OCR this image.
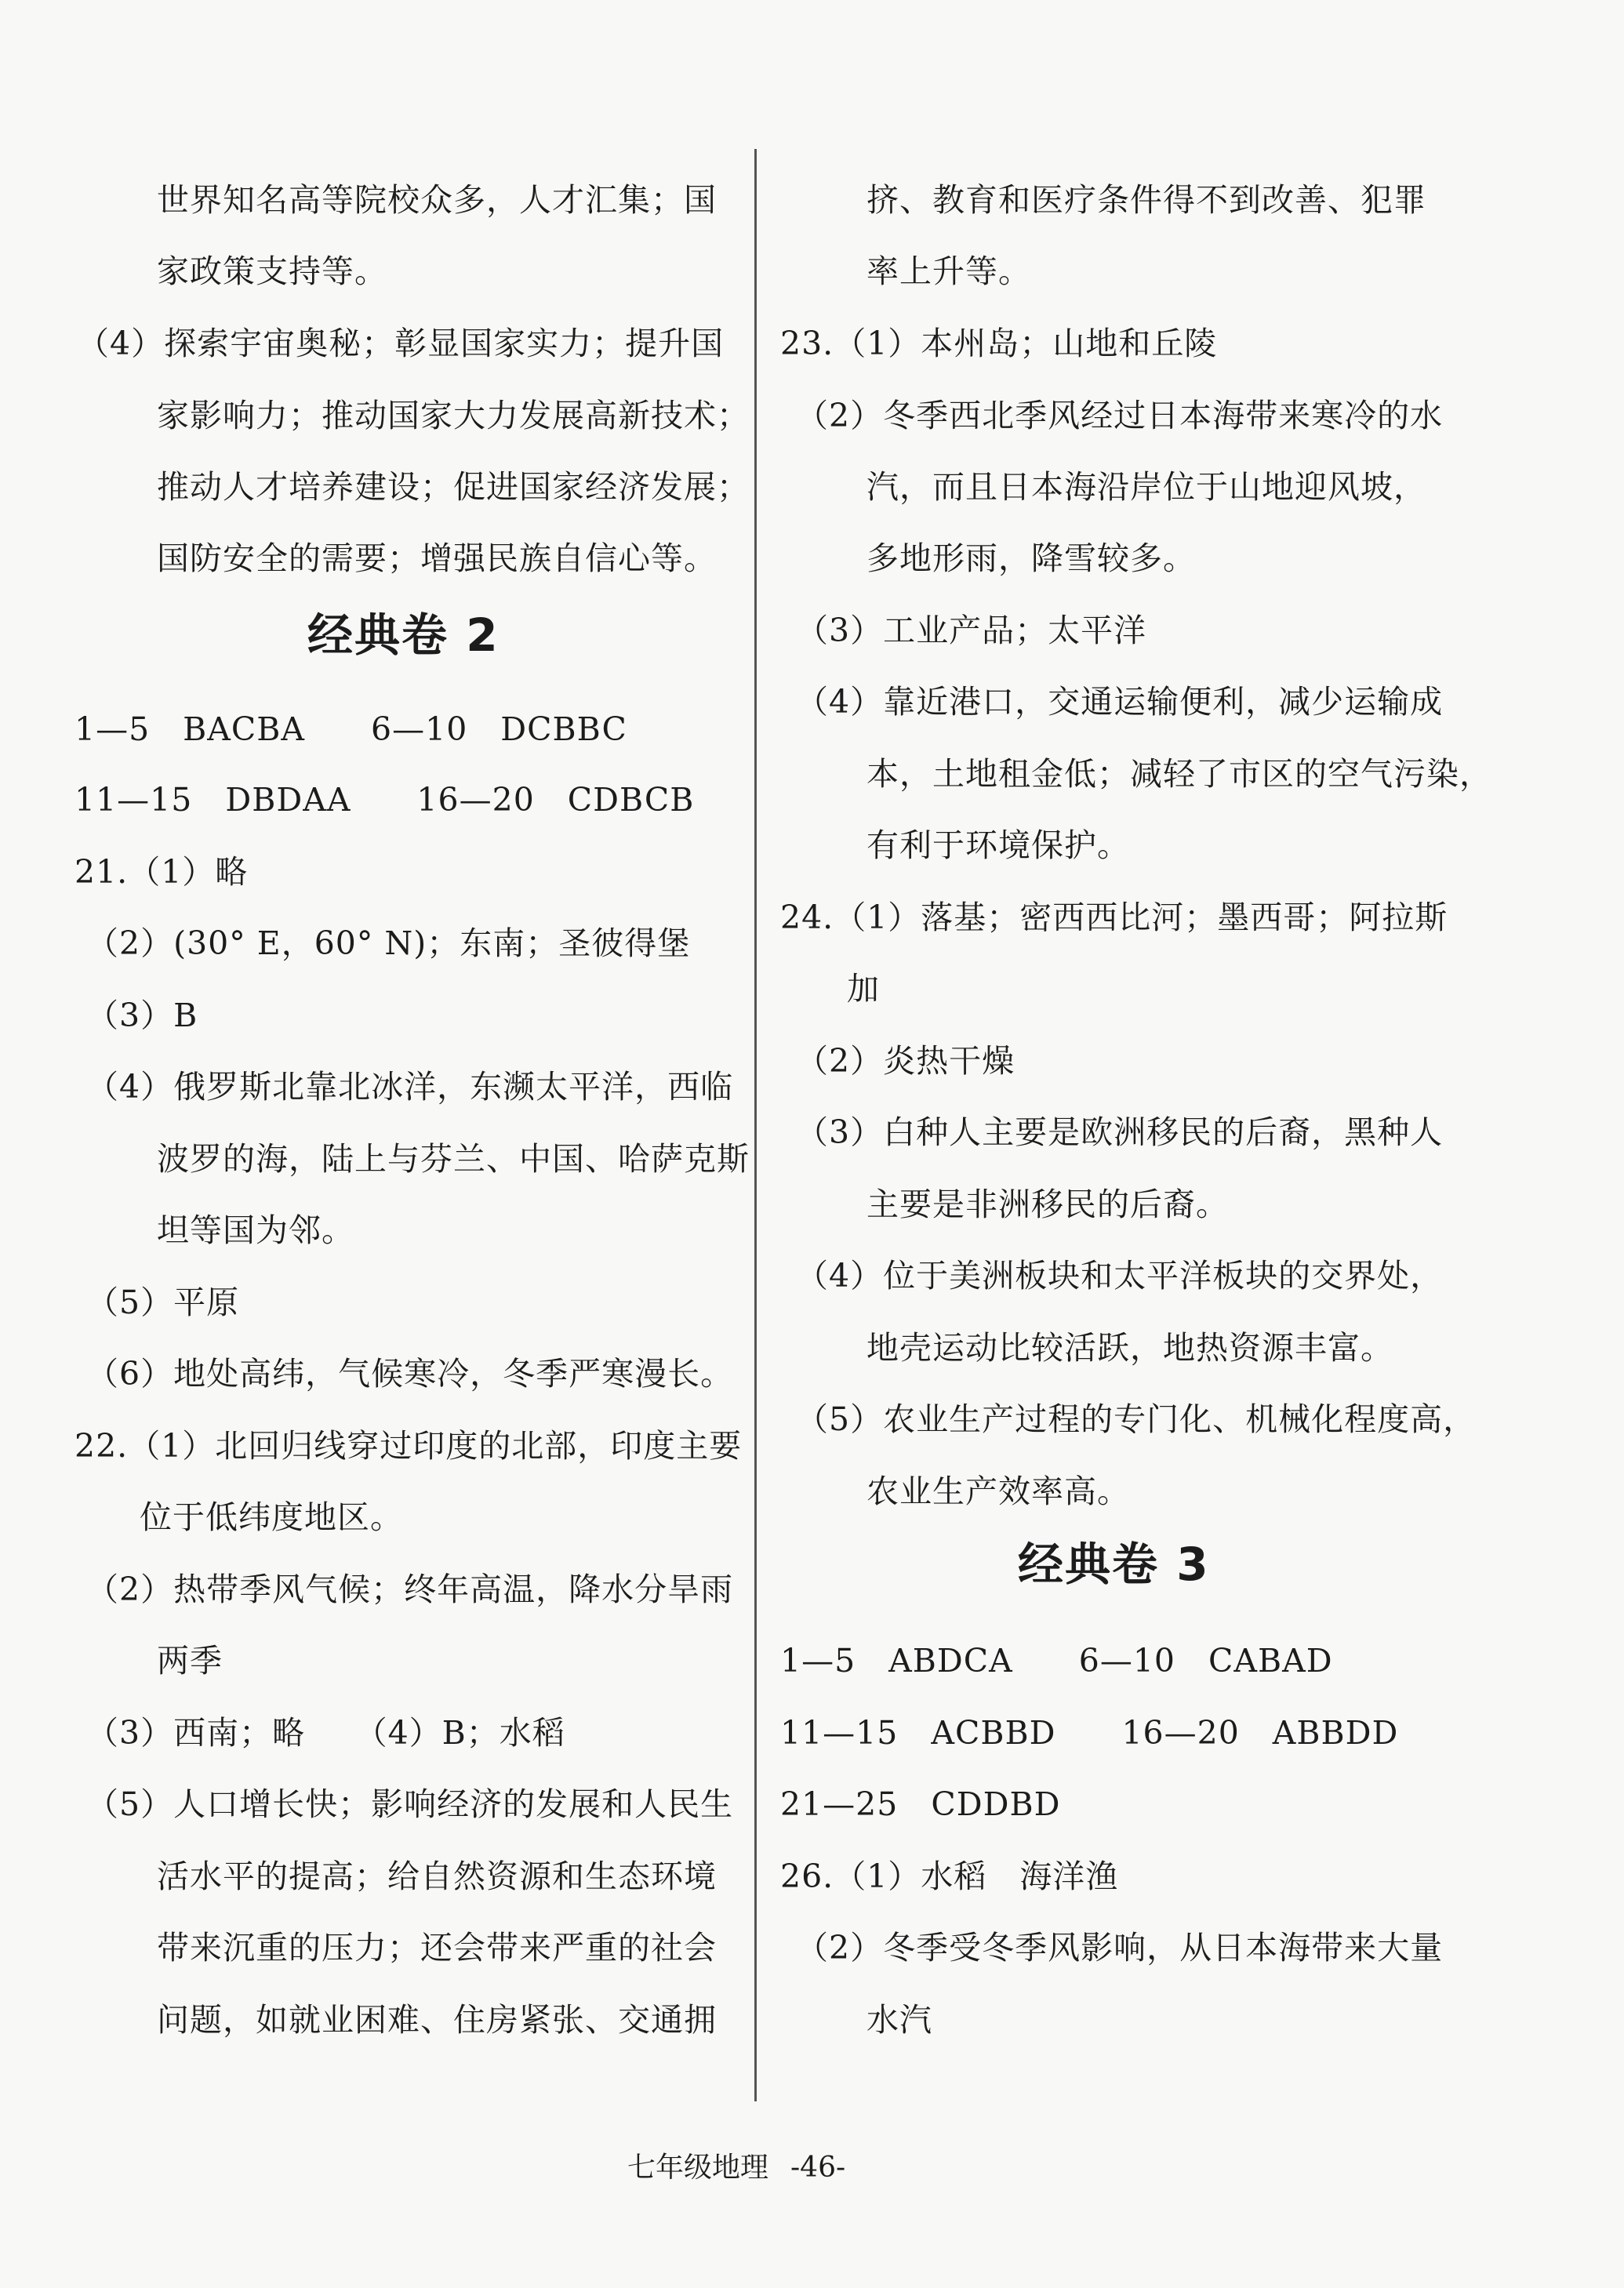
世界知名高等院校众多，人才汇集；国
家政策支持等。
（4）探索宇宙奥秘；彰显国家实力；提升国
家影响力；推动国家大力发展高新技术；
推动人才培养建设；促进国家经济发展；
国防安全的需要；增强民族自信心等。
经典卷 2
1—5　BACBA　　6—10　DCBBC
11—15　DBDAA　　16—20　CDBCB
21.（1）略
（2）(30° E，60° N)；东南；圣彼得堡
（3）B
（4）俄罗斯北靠北冰洋，东濒太平洋，西临
波罗的海，陆上与芬兰、中国、哈萨克斯
坦等国为邻。
（5）平原
（6）地处高纬，气候寒冷，冬季严寒漫长。
22.（1）北回归线穿过印度的北部，印度主要
位于低纬度地区。
（2）热带季风气候；终年高温，降水分旱雨
两季
（3）西南；略　　（4）B；水稻
（5）人口增长快；影响经济的发展和人民生
活水平的提高；给自然资源和生态环境
带来沉重的压力；还会带来严重的社会
问题，如就业困难、住房紧张、交通拥
挤、教育和医疗条件得不到改善、犯罪
率上升等。
23.（1）本州岛；山地和丘陵
（2）冬季西北季风经过日本海带来寒冷的水
汽，而且日本海沿岸位于山地迎风坡，
多地形雨，降雪较多。
（3）工业产品；太平洋
（4）靠近港口，交通运输便利，减少运输成
本，土地租金低；减轻了市区的空气污染，
有利于环境保护。
24.（1）落基；密西西比河；墨西哥；阿拉斯
加
（2）炎热干燥
（3）白种人主要是欧洲移民的后裔，黑种人
主要是非洲移民的后裔。
（4）位于美洲板块和太平洋板块的交界处，
地壳运动比较活跃，地热资源丰富。
（5）农业生产过程的专门化、机械化程度高，
农业生产效率高。
经典卷 3
1—5　ABDCA　　6—10　CABAD
11—15　ACBBD　　16—20　ABBDD
21—25　CDDBD
26.（1）水稻　海洋渔
（2）冬季受冬季风影响，从日本海带来大量
水汽
七年级地理 -46-
